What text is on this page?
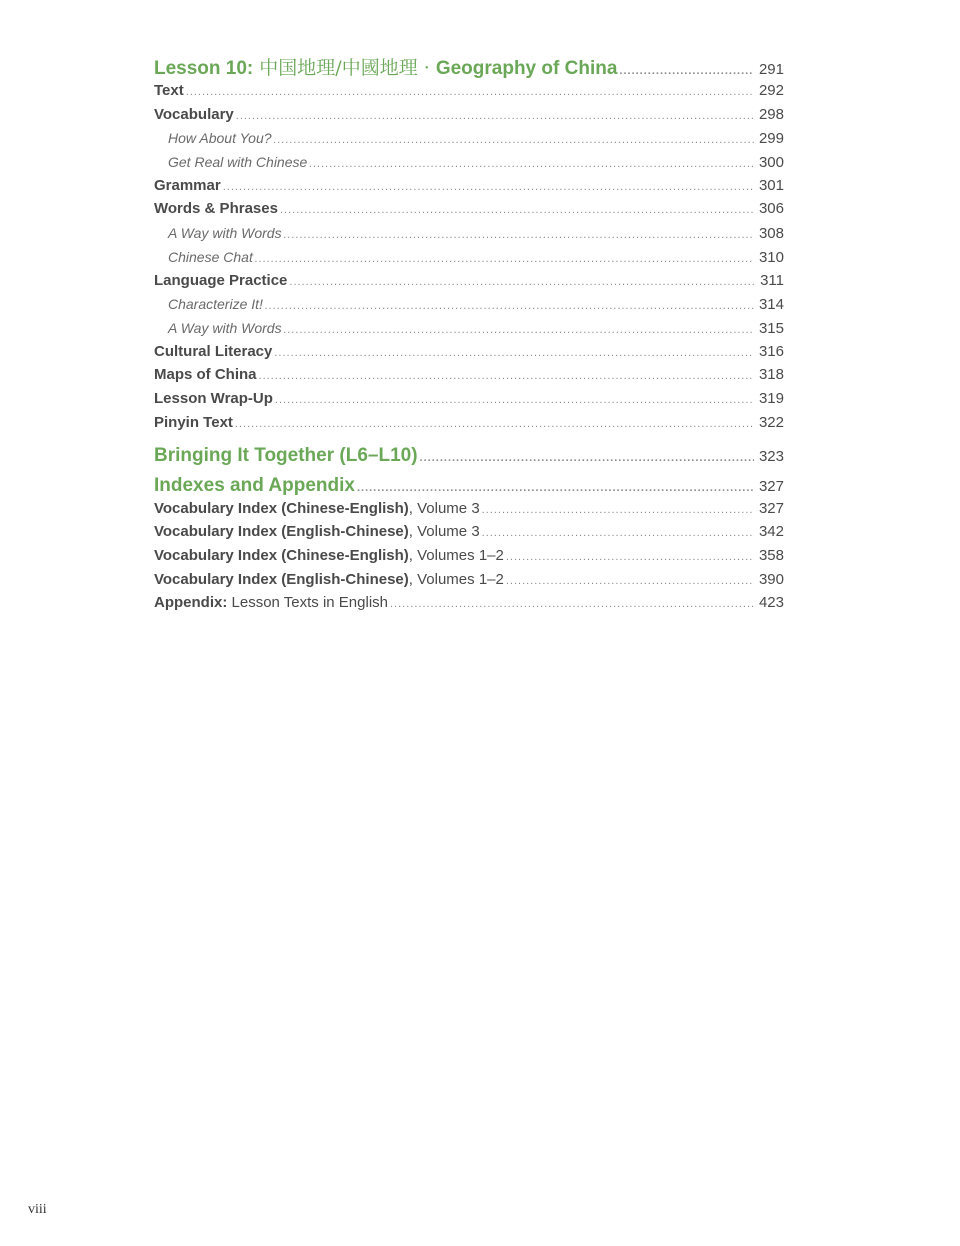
Lesson 10: 中国地理/中國地理 · Geography of China .....	291
Text .....	292
Vocabulary .....	298
How About You? .....	299
Get Real with Chinese .....	300
Grammar .....	301
Words & Phrases .....	306
A Way with Words .....	308
Chinese Chat .....	310
Language Practice .....	311
Characterize It! .....	314
A Way with Words .....	315
Cultural Literacy .....	316
Maps of China .....	318
Lesson Wrap-Up .....	319
Pinyin Text .....	322
Bringing It Together (L6–L10) .....	323
Indexes and Appendix .....	327
Vocabulary Index (Chinese-English), Volume 3 .....	327
Vocabulary Index (English-Chinese), Volume 3 .....	342
Vocabulary Index (Chinese-English), Volumes 1–2 .....	358
Vocabulary Index (English-Chinese), Volumes 1–2 .....	390
Appendix: Lesson Texts in English .....	423
viii
